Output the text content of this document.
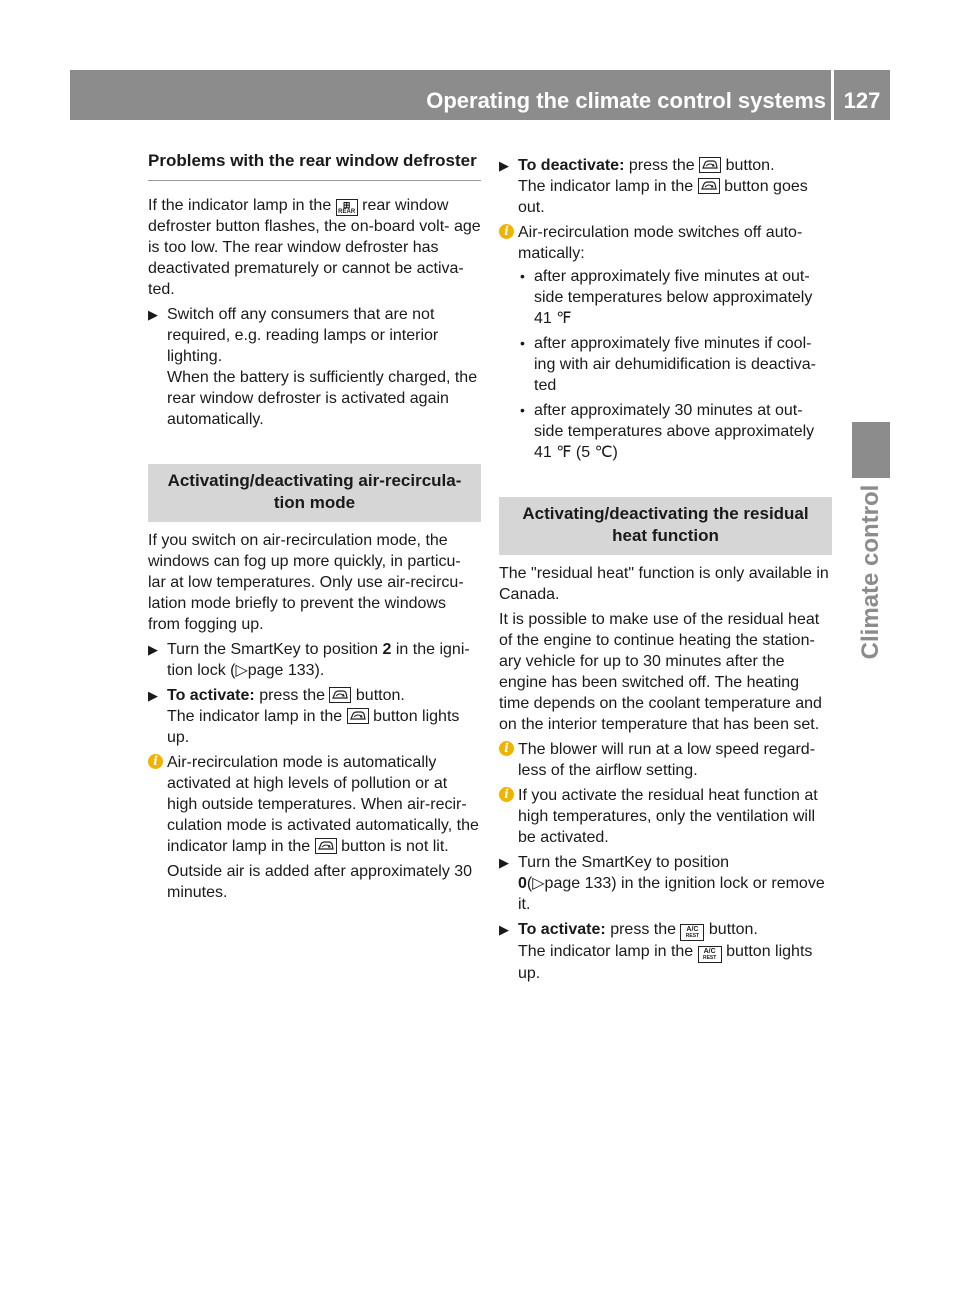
Operating the climate control systems 127
Climate control
Problems with the rear window defroster

If the indicator lamp in the	⊞
REAR rear window defroster button flashes, the on-board volt- age is too low. The rear window defroster has deactivated prematurely or cannot be activa- ted.

▶ Switch off any consumers that are not required, e.g. reading lamps or interior lighting.
When the battery is sufficiently charged, the rear window defroster is activated again automatically.
Activating/deactivating air-recircula- tion mode

If you switch on air-recirculation mode, the windows can fog up more quickly, in particu- lar at low temperatures. Only use air-recircu- lation mode briefly to prevent the windows from fogging up.

▶ Turn the SmartKey to position 2 in the igni- tion lock (▷page 133).
▶ To activate: press the button.
The indicator lamp in the button lights up.
i Air-recirculation mode is automatically activated at high levels of pollution or at high outside temperatures. When air-recir- culation mode is activated automatically, the indicator lamp in the button is not lit.
Outside air is added after approximately 30 minutes.
▶ To deactivate: press the button.
The indicator lamp in the button goes out.
i Air-recirculation mode switches off auto- matically:
• after approximately five minutes at out- side temperatures below approximately 41 ℉
• after approximately five minutes if cool- ing with air dehumidification is deactiva- ted
• after approximately 30 minutes at out- side temperatures above approximately 41 ℉ (5 ℃)
Activating/deactivating the residual heat function

The "residual heat" function is only available in Canada.

It is possible to make use of the residual heat of the engine to continue heating the station- ary vehicle for up to 30 minutes after the engine has been switched off. The heating time depends on the coolant temperature and on the interior temperature that has been set.

i The blower will run at a low speed regard- less of the airflow setting.
i If you activate the residual heat function at high temperatures, only the ventilation will be activated.
▶ Turn the SmartKey to position
0(▷page 133) in the ignition lock or remove it.
▶ To activate: press the	A/C
REST button.
The indicator lamp in the	A/C
REST button lights up.
